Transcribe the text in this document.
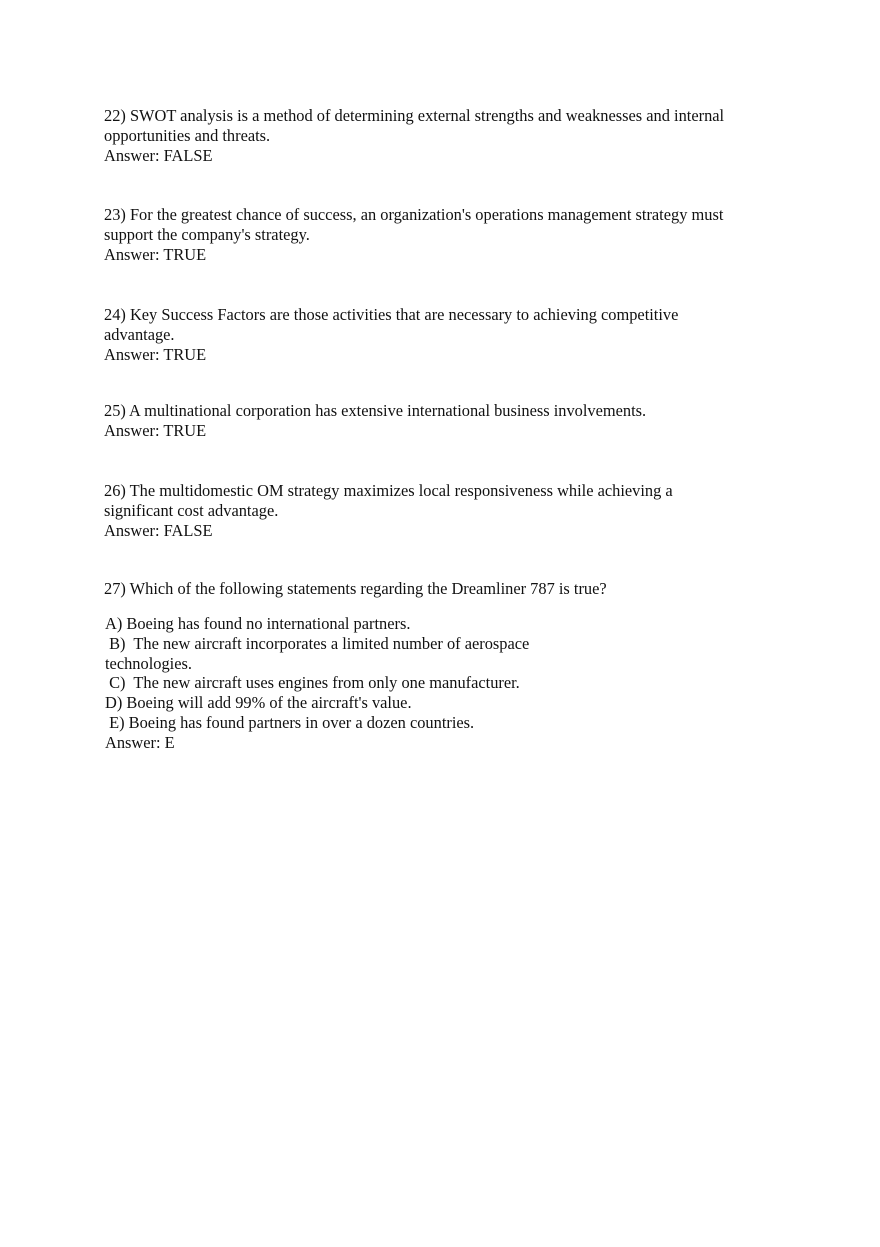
22) SWOT analysis is a method of determining external strengths and weaknesses and internal
opportunities and threats.
Answer: FALSE
23) For the greatest chance of success, an organization's operations management strategy must
support the company's strategy.
Answer: TRUE
24) Key Success Factors are those activities that are necessary to achieving competitive
advantage.
Answer: TRUE
25) A multinational corporation has extensive international business involvements.
Answer: TRUE
26) The multidomestic OM strategy maximizes local responsiveness while achieving a
significant cost advantage.
Answer: FALSE
27) Which of the following statements regarding the Dreamliner 787 is true?
A) Boeing has found no international partners.
B)  The new aircraft incorporates a limited number of aerospace
technologies.
C)  The new aircraft uses engines from only one manufacturer.
D) Boeing will add 99% of the aircraft's value.
E) Boeing has found partners in over a dozen countries.
Answer: E
